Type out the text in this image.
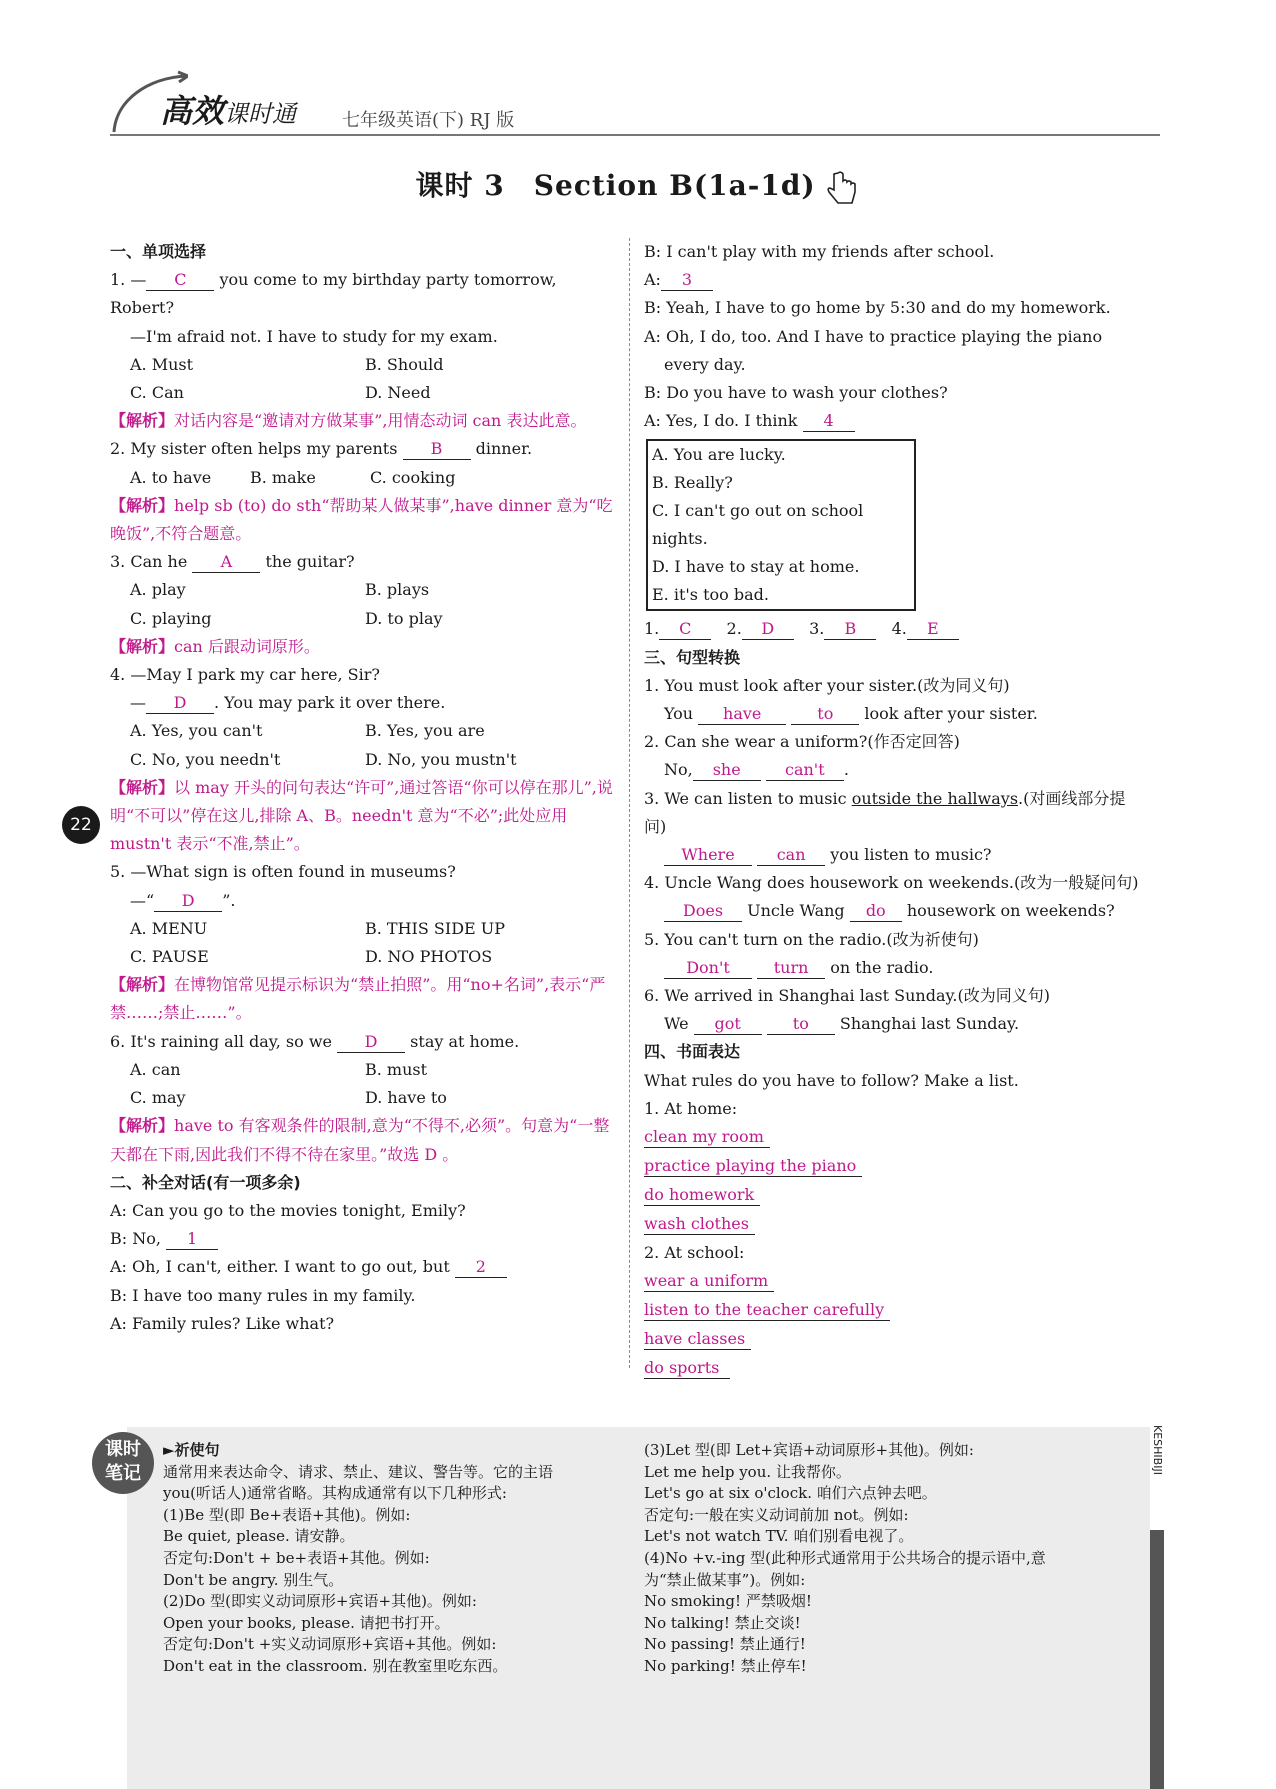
高效课时通	七年级英语(下) RJ 版
课时 3　Section B(1a-1d)
22
一、单项选择
1. — C you come to my birthday party tomorrow, Robert?
—I'm afraid not. I have to study for my exam.
A. Must	B. Should
C. Can	D. Need
【解析】对话内容是“邀请对方做某事”,用情态动词 can 表达此意。
2. My sister often helps my parents B dinner.
A. to have	B. make	C. cooking
【解析】help sb (to) do sth“帮助某人做某事”,have dinner 意为“吃晚饭”,不符合题意。
3. Can he A the guitar?
A. play	B. plays
C. playing	D. to play
【解析】can 后跟动词原形。
4. —May I park my car here, Sir?
— D . You may park it over there.
A. Yes, you can't	B. Yes, you are
C. No, you needn't	D. No, you mustn't
【解析】以 may 开头的问句表达“许可”,通过答语“你可以停在那儿”,说明“不可以”停在这儿,排除 A、B。needn't 意为“不必”;此处应用 mustn't 表示“不准,禁止”。
5. —What sign is often found in museums?
—“ D ”.
A. MENU	B. THIS SIDE UP
C. PAUSE	D. NO PHOTOS
【解析】在博物馆常见提示标识为“禁止拍照”。用“no+名词”,表示“严禁……;禁止……”。
6. It's raining all day, so we D stay at home.
A. can	B. must
C. may	D. have to
【解析】have to 有客观条件的限制,意为“不得不,必须”。句意为“一整天都在下雨,因此我们不得不待在家里。”故选 D 。
二、补全对话(有一项多余)
A: Can you go to the movies tonight, Emily?
B: No, 1
A: Oh, I can't, either. I want to go out, but 2
B: I have too many rules in my family.
A: Family rules? Like what?
B: I can't play with my friends after school.
A: 3
B: Yeah, I have to go home by 5:30 and do my homework.
A: Oh, I do, too. And I have to practice playing the piano
every day.
B: Do you have to wash your clothes?
A: Yes, I do. I think 4
A. You are lucky.
B. Really?
C. I can't go out on school nights.
D. I have to stay at home.
E. it's too bad.
1. C 2. D 3. B 4. E
三、句型转换
1. You must look after your sister.(改为同义句)
You have	to look after your sister.
2. Can she wear a uniform?(作否定回答)
No, she	can't .
3. We can listen to music outside the hallways.(对画线部分提问)
Where	can you listen to music?
4. Uncle Wang does housework on weekends.(改为一般疑问句)
Does Uncle Wang do housework on weekends?
5. You can't turn on the radio.(改为祈使句)
Don't	turn on the radio.
6. We arrived in Shanghai last Sunday.(改为同义句)
We got	to Shanghai last Sunday.
四、书面表达
What rules do you have to follow? Make a list.
1. At home:
clean my room
practice playing the piano
do homework
wash clothes
2. At school:
wear a uniform
listen to the teacher carefully
have classes
do sports
KESHIBIJI
课时
笔记
►祈使句
通常用来表达命令、请求、禁止、建议、警告等。它的主语
you(听话人)通常省略。其构成通常有以下几种形式:
(1)Be 型(即 Be+表语+其他)。例如:
Be quiet, please. 请安静。
否定句:Don't + be+表语+其他。例如:
Don't be angry. 别生气。
(2)Do 型(即实义动词原形+宾语+其他)。例如:
Open your books, please. 请把书打开。
否定句:Don't +实义动词原形+宾语+其他。例如:
Don't eat in the classroom. 别在教室里吃东西。
(3)Let 型(即 Let+宾语+动词原形+其他)。例如:
Let me help you. 让我帮你。
Let's go at six o'clock. 咱们六点钟去吧。
否定句:一般在实义动词前加 not。例如:
Let's not watch TV. 咱们别看电视了。
(4)No +v.-ing 型(此种形式通常用于公共场合的提示语中,意
为“禁止做某事”)。例如:
No smoking! 严禁吸烟!
No talking! 禁止交谈!
No passing! 禁止通行!
No parking! 禁止停车!
